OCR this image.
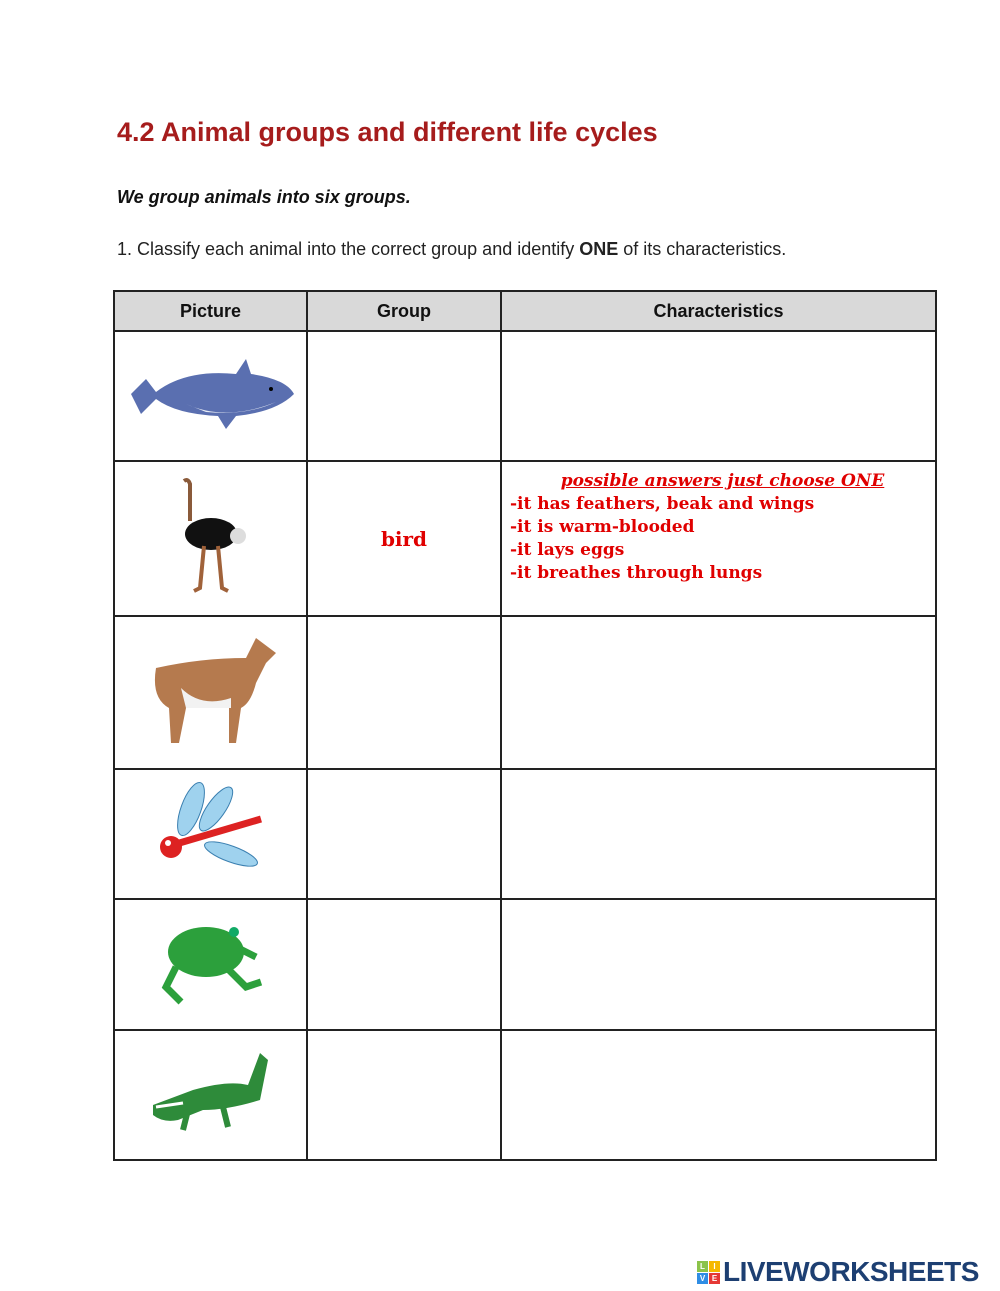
4.2 Animal groups and different life cycles
We group animals into six groups.
1. Classify each animal into the correct group and identify ONE of its characteristics.
Picture	Group	Characteristics

	bird	possible answers just choose ONE
-it has feathers, beak and wings
-it is warm-blooded
-it lays eggs
-it breathes through lungs

L	I
V E LIVEWORKSHEETS
